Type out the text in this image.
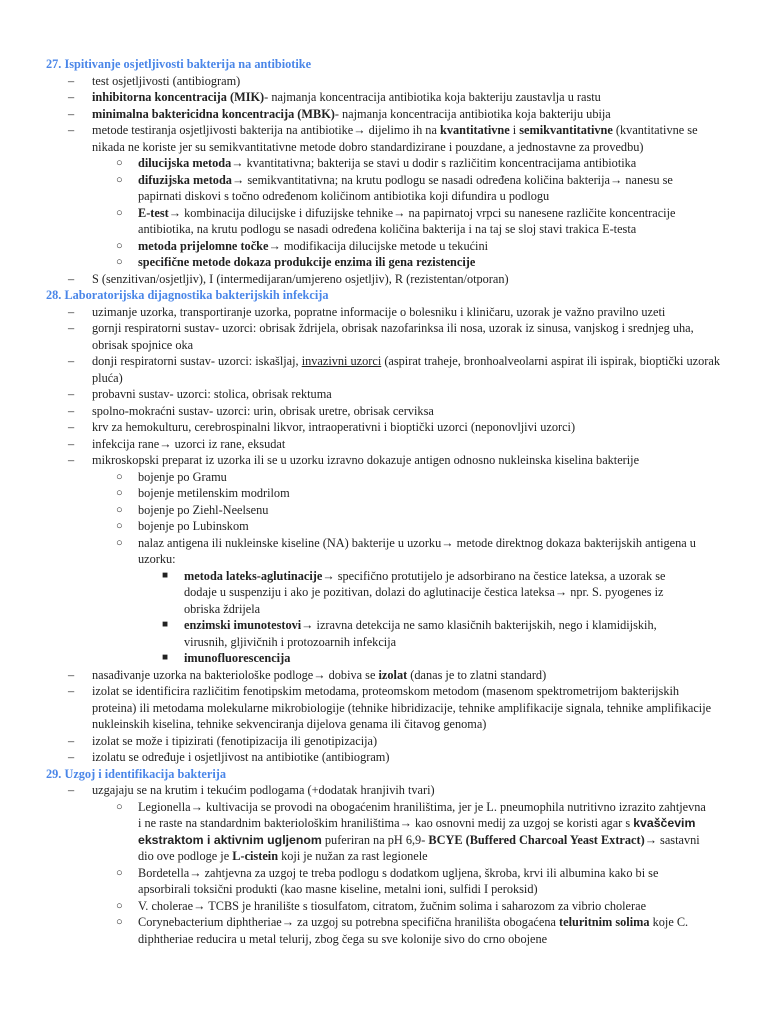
27. Ispitivanje osjetljivosti bakterija na antibiotike
– test osjetljivosti (antibiogram)
– inhibitorna koncentracija (MIK)- najmanja koncentracija antibiotika koja bakteriju zaustavlja u rastu
– minimalna baktericidna koncentracija (MBK)- najmanja koncentracija antibiotika koja bakteriju ubija
– metode testiranja osjetljivosti bakterija na antibiotike→ dijelimo ih na kvantitativne i semikvantitativne (kvantitativne se nikada ne koriste jer su semikvantitativne metode dobro standardizirane i pouzdane, a jednostavne za provedbu)
○ dilucijska metoda→ kvantitativna; bakterija se stavi u dodir s različitim koncentracijama antibiotika
○ difuzijska metoda→ semikvantitativna; na krutu podlogu se nasadi određena količina bakterija→ nanesu se papirnati diskovi s točno određenom količinom antibiotika koji difundira u podlogu
○ E-test→ kombinacija dilucijske i difuzijske tehnike→ na papirnatoj vrpci su nanesene različite koncentracije antibiotika, na krutu podlogu se nasadi određena količina bakterija i na taj se sloj stavi trakica E-testa
○ metoda prijelomne točke→ modifikacija dilucijske metode u tekućini
○ specifične metode dokaza produkcije enzima ili gena rezistencije
– S (senzitivan/osjetljiv), I (intermedijaran/umjereno osjetljiv), R (rezistentan/otporan)
28. Laboratorijska dijagnostika bakterijskih infekcija
– uzimanje uzorka, transportiranje uzorka, popratne informacije o bolesniku i kliničaru, uzorak je važno pravilno uzeti
– gornji respiratorni sustav- uzorci: obrisak ždrijela, obrisak nazofarinksa ili nosa, uzorak iz sinusa, vanjskog i srednjeg uha, obrisak spojnice oka
– donji respiratorni sustav- uzorci: iskašljaj, invazivni uzorci (aspirat traheje, bronhoalveolarni aspirat ili ispirak, bioptički uzorak pluća)
– probavni sustav- uzorci: stolica, obrisak rektuma
– spolno-mokraćni sustav- uzorci: urin, obrisak uretre, obrisak cerviksa
– krv za hemokulturu, cerebrospinalni likvor, intraoperativni i bioptički uzorci (neponovljivi uzorci)
– infekcija rane→ uzorci iz rane, eksudat
– mikroskopski preparat iz uzorka ili se u uzorku izravno dokazuje antigen odnosno nukleinska kiselina bakterije
○ bojenje po Gramu
○ bojenje metilenskim modrilom
○ bojenje po Ziehl-Neelsenu
○ bojenje po Lubinskom
○ nalaz antigena ili nukleinske kiseline (NA) bakterije u uzorku→ metode direktnog dokaza bakterijskih antigena u uzorku:
■ metoda lateks-aglutinacije→ specifično protutijelo je adsorbirano na čestice lateksa, a uzorak se dodaje u suspenziju i ako je pozitivan, dolazi do aglutinacije čestica lateksa→ npr. S. pyogenes iz obriska ždrijela
■ enzimski imunotestovi→ izravna detekcija ne samo klasičnih bakterijskih, nego i klamidijskih, virusnih, gljivičnih i protozoarnih infekcija
■ imunofluorescencija
– nasađivanje uzorka na bakteriološke podloge→ dobiva se izolat (danas je to zlatni standard)
– izolat se identificira različitim fenotipskim metodama, proteomskom metodom (masenom spektrometrijom bakterijskih proteina) ili metodama molekularne mikrobiologije (tehnike hibridizacije, tehnike amplifikacije signala, tehnike amplifikacije nukleinskih kiselina, tehnike sekvenciranja dijelova genama ili čitavog genoma)
– izolat se može i tipizirati (fenotipizacija ili genotipizacija)
– izolatu se određuje i osjetljivost na antibiotike (antibiogram)
29. Uzgoj i identifikacija bakterija
– uzgajaju se na krutim i tekućim podlogama (+dodatak hranjivih tvari)
○ Legionella→ kultivacija se provodi na obogaćenim hranilištima, jer je L. pneumophila nutritivno izrazito zahtjevna i ne raste na standardnim bakteriološkim hranilištima→ kao osnovni medij za uzgoj se koristi agar s kvaščevim ekstraktom i aktivnim ugljenom puferiran na pH 6,9- BCYE (Buffered Charcoal Yeast Extract)→ sastavni dio ove podloge je L-cistein koji je nužan za rast legionele
○ Bordetella→ zahtjevna za uzgoj te treba podlogu s dodatkom ugljena, škroba, krvi ili albumina kako bi se apsorbirali toksični produkti (kao masne kiseline, metalni ioni, sulfidi I peroksid)
○ V. cholerae→ TCBS je hranilište s tiosulfatom, citratom, žučnim solima i saharozom za vibrio cholerae
○ Corynebacterium diphtheriae→ za uzgoj su potrebna specifična hranilišta obogaćena teluritnim solima koje C. diphtheriae reducira u metal telurij, zbog čega su sve kolonije sivo do crno obojene
